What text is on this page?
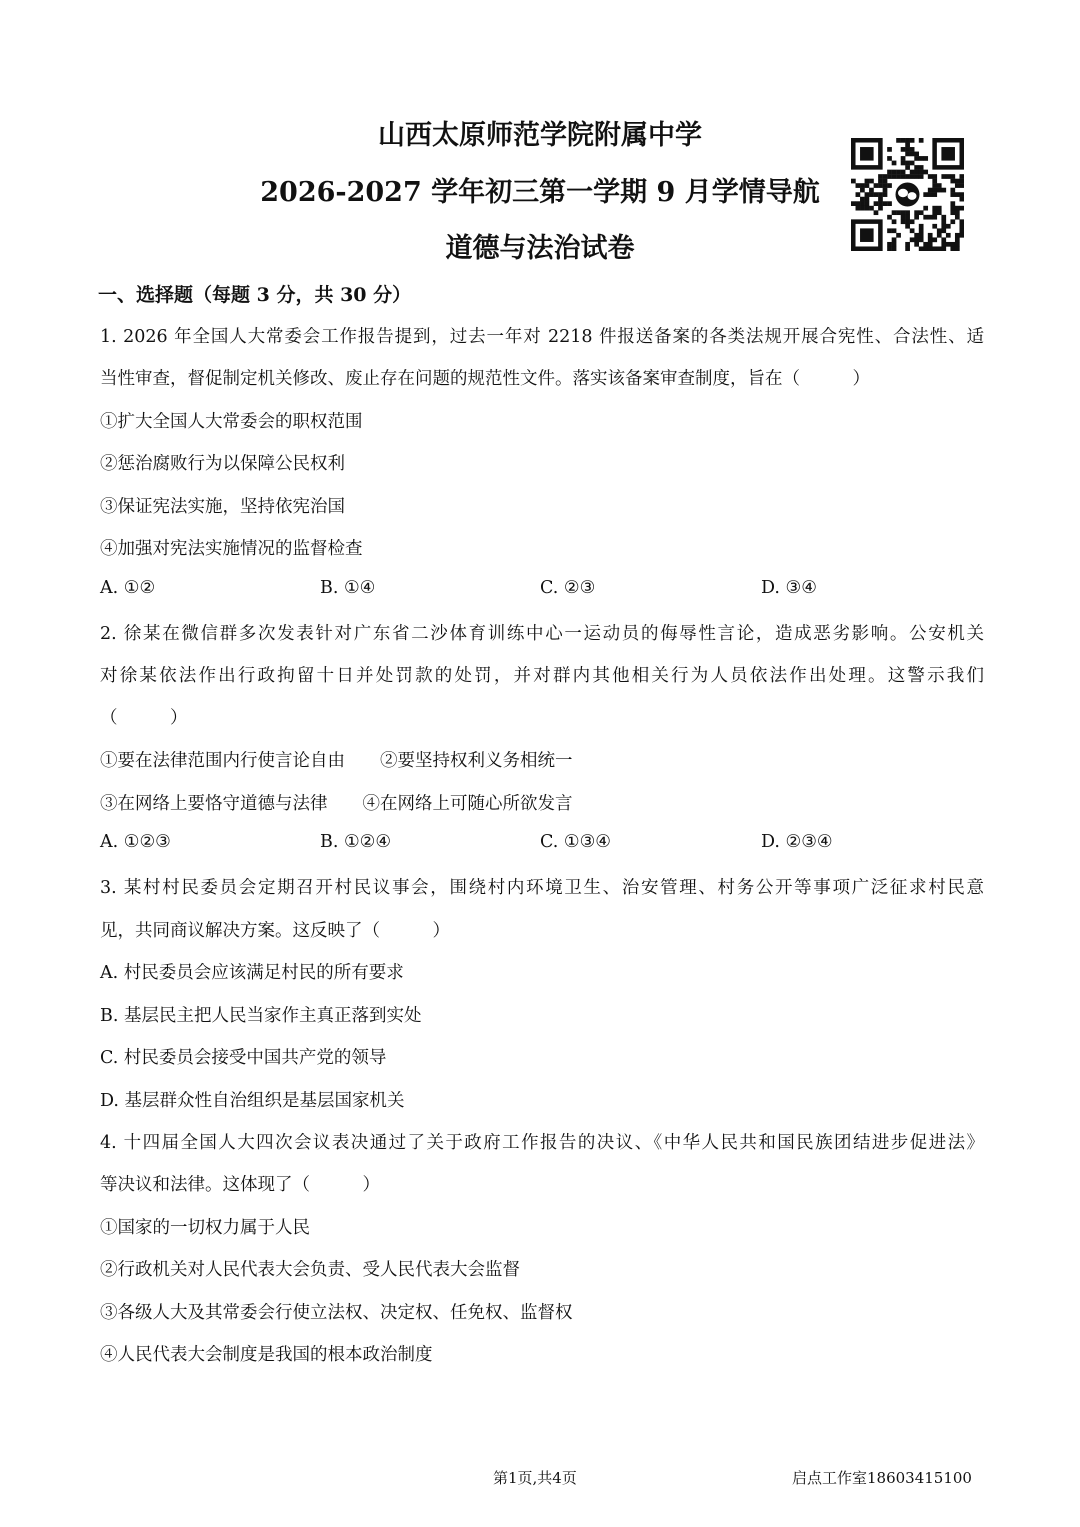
山西太原师范学院附属中学
2026-2027 学年初三第一学期 9 月学情导航
道德与法治试卷
一、选择题（每题 3 分，共 30 分）
1. 2026 年全国人大常委会工作报告提到，过去一年对 2218 件报送备案的各类法规开展合宪性、合法性、适
当性审查，督促制定机关修改、废止存在问题的规范性文件。落实该备案审查制度，旨在（　　　）
①扩大全国人大常委会的职权范围
②惩治腐败行为以保障公民权利
③保证宪法实施，坚持依宪治国
④加强对宪法实施情况的监督检查
A. ①②	B. ①④	C. ②③	D. ③④
2. 徐某在微信群多次发表针对广东省二沙体育训练中心一运动员的侮辱性言论，造成恶劣影响。公安机关
对徐某依法作出行政拘留十日并处罚款的处罚，并对群内其他相关行为人员依法作出处理。这警示我们
（　　　）
①要在法律范围内行使言论自由　　②要坚持权利义务相统一
③在网络上要恪守道德与法律　　④在网络上可随心所欲发言
A. ①②③	B. ①②④	C. ①③④	D. ②③④
3. 某村村民委员会定期召开村民议事会，围绕村内环境卫生、治安管理、村务公开等事项广泛征求村民意
见，共同商议解决方案。这反映了（　　　）
A. 村民委员会应该满足村民的所有要求
B. 基层民主把人民当家作主真正落到实处
C. 村民委员会接受中国共产党的领导
D. 基层群众性自治组织是基层国家机关
4. 十四届全国人大四次会议表决通过了关于政府工作报告的决议、《中华人民共和国民族团结进步促进法》
等决议和法律。这体现了（　　　）
①国家的一切权力属于人民
②行政机关对人民代表大会负责、受人民代表大会监督
③各级人大及其常委会行使立法权、决定权、任免权、监督权
④人民代表大会制度是我国的根本政治制度
第1页,共4页	启点工作室18603415100
